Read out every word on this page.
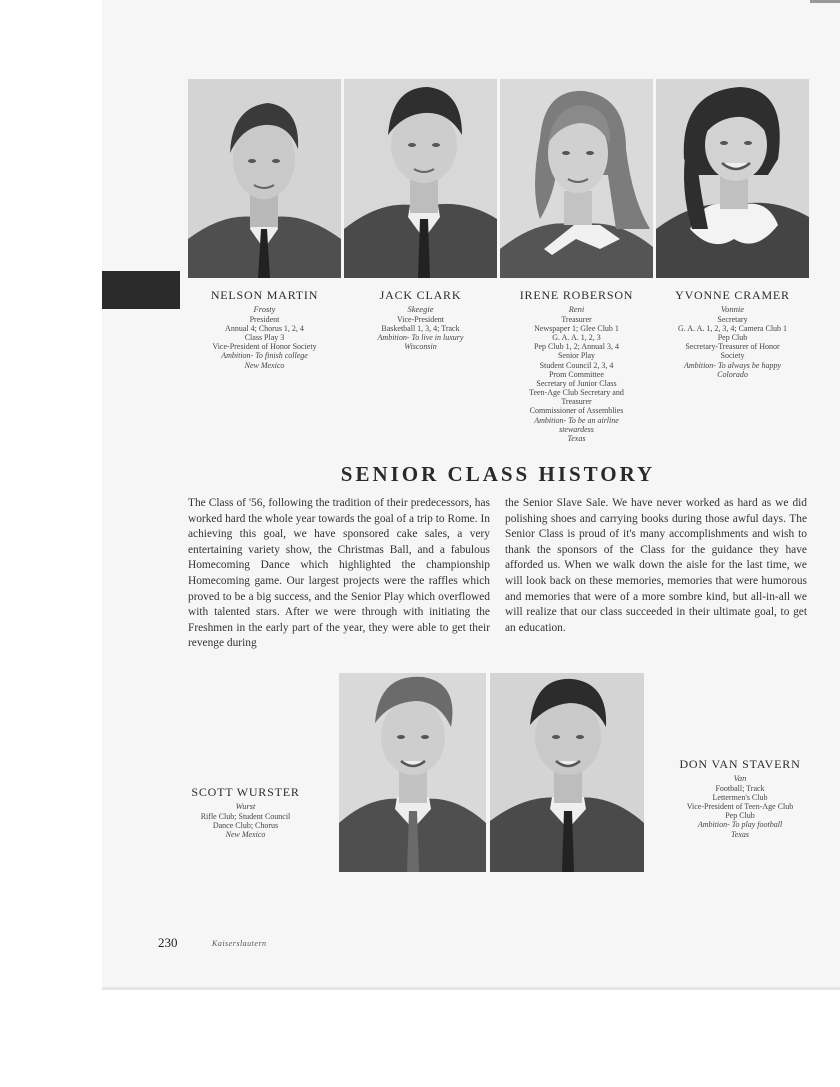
NELSON MARTIN
Frosty
President
Annual 4; Chorus 1, 2, 4
Class Play 3
Vice-President of Honor Society
Ambition- To finish college
New Mexico
JACK CLARK
Skeegie
Vice-President
Basketball 1, 3, 4; Track
Ambition- To live in luxury
Wisconsin
IRENE ROBERSON
Reni
Treasurer
Newspaper 1; Glee Club 1
G. A. A. 1, 2, 3
Pep Club 1, 2; Annual 3, 4
Senior Play
Student Council 2, 3, 4
Prom Committee
Secretary of Junior Class
Teen-Age Club Secretary and
Treasurer
Commissioner of Assemblies
Ambition- To be an airline
stewardess
Texas
YVONNE CRAMER
Vonnie
Secretary
G. A. A. 1, 2, 3, 4; Camera Club 1
Pep Club
Secretary-Treasurer of Honor
Society
Ambition- To always be happy
Colorado
SENIOR CLASS HISTORY
The Class of '56, following the tradition of their predecessors, has worked hard the whole year towards the goal of a trip to Rome. In achieving this goal, we have sponsored cake sales, a very entertaining variety show, the Christmas Ball, and a fabulous Homecoming Dance which highlighted the championship Homecoming game. Our largest projects were the raffles which proved to be a big success, and the Senior Play which overflowed with talented stars. After we were through with initiating the Freshmen in the early part of the year, they were able to get their revenge during
the Senior Slave Sale. We have never worked as hard as we did polishing shoes and carrying books during those awful days. The Senior Class is proud of it's many accomplishments and wish to thank the sponsors of the Class for the guidance they have afforded us. When we walk down the aisle for the last time, we will look back on these memories, memories that were humorous and memories that were of a more sombre kind, but all-in-all we will realize that our class succeeded in their ultimate goal, to get an education.
SCOTT WURSTER
Wurst
Rifle Club; Student Council
Dance Club; Chorus
New Mexico
DON VAN STAVERN
Van
Football; Track
Lettermen's Club
Vice-President of Teen-Age Club
Pep Club
Ambition- To play football
Texas
230	Kaiserslautern
